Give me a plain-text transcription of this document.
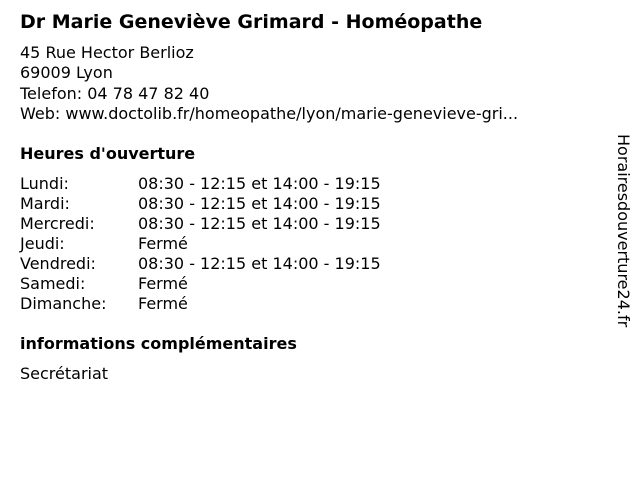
Dr Marie Geneviève Grimard - Homéopathe
45 Rue Hector Berlioz
69009 Lyon
Telefon: 04 78 47 82 40
Web: www.doctolib.fr/homeopathe/lyon/marie-genevieve-gri...
Heures d'ouverture
Lundi:	08:30 - 12:15 et 14:00 - 19:15
Mardi:	08:30 - 12:15 et 14:00 - 19:15
Mercredi:	08:30 - 12:15 et 14:00 - 19:15
Jeudi:	Fermé
Vendredi:	08:30 - 12:15 et 14:00 - 19:15
Samedi:	Fermé
Dimanche: Fermé
informations complémentaires
Secrétariat
Horairesdouverture24.fr
